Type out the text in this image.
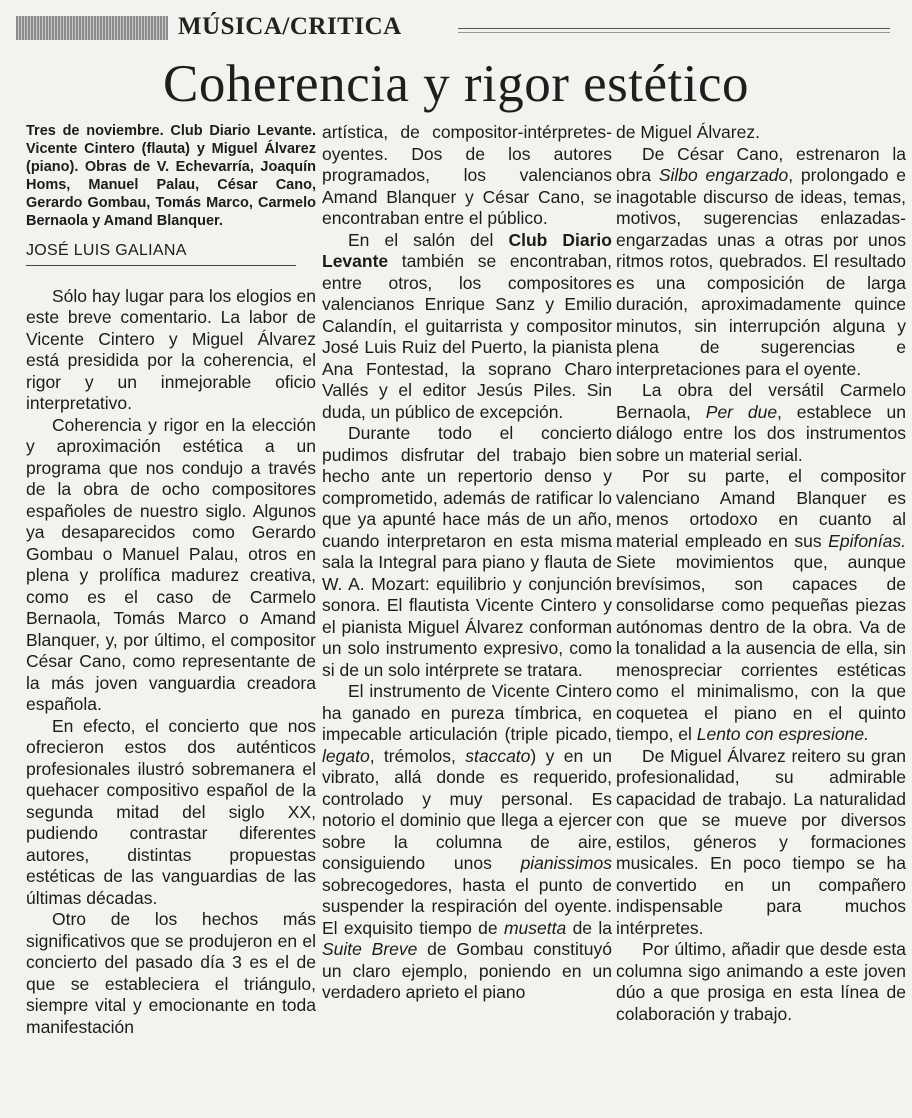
MÚSICA/CRITICA
Coherencia y rigor estético

Tres de noviembre. Club Diario Levante. Vicente Cintero (flauta) y Miguel Álvarez (piano). Obras de V. Echevarría, Joaquín Homs, Manuel Palau, César Cano, Gerardo Gombau, Tomás Marco, Carmelo Bernaola y Amand Blanquer.

JOSÉ LUIS GALIANA

Sólo hay lugar para los elogios en este breve comentario. La labor de Vicente Cintero y Miguel Álvarez está presidida por la coherencia, el rigor y un inmejorable oficio interpretativo.

Coherencia y rigor en la elección y aproximación estética a un programa que nos condujo a través de la obra de ocho compositores españoles de nuestro siglo. Algunos ya desaparecidos como Gerardo Gombau o Manuel Palau, otros en plena y prolífica madurez creativa, como es el caso de Carmelo Bernaola, Tomás Marco o Amand Blanquer, y, por último, el compositor César Cano, como representante de la más joven vanguardia creadora española.

En efecto, el concierto que nos ofrecieron estos dos auténticos profesionales ilustró sobremanera el quehacer compositivo español de la segunda mitad del siglo XX, pudiendo contrastar diferentes autores, distintas propuestas estéticas de las vanguardias de las últimas décadas.

Otro de los hechos más significativos que se produjeron en el concierto del pasado día 3 es el de que se estableciera el triángulo, siempre vital y emocionante en toda manifestación

artística, de compositor-intérpretes-oyentes. Dos de los autores programados, los valencianos Amand Blanquer y César Cano, se encontraban entre el público.

En el salón del Club Diario Levante también se encontraban, entre otros, los compositores valencianos Enrique Sanz y Emilio Calandín, el guitarrista y compositor José Luis Ruiz del Puerto, la pianista Ana Fontestad, la soprano Charo Vallés y el editor Jesús Piles. Sin duda, un público de excepción.

Durante todo el concierto pudimos disfrutar del trabajo bien hecho ante un repertorio denso y comprometido, además de ratificar lo que ya apunté hace más de un año, cuando interpretaron en esta misma sala la Integral para piano y flauta de W. A. Mozart: equilibrio y conjunción sonora. El flautista Vicente Cintero y el pianista Miguel Álvarez conforman un solo instrumento expresivo, como si de un solo intérprete se tratara.

El instrumento de Vicente Cintero ha ganado en pureza tímbrica, en impecable articulación (triple picado, legato, trémolos, staccato) y en un vibrato, allá donde es requerido, controlado y muy personal. Es notorio el dominio que llega a ejercer sobre la columna de aire, consiguiendo unos pianissimos sobrecogedores, hasta el punto de suspender la respiración del oyente. El exquisito tiempo de musetta de la Suite Breve de Gombau constituyó un claro ejemplo, poniendo en un verdadero aprieto el piano

de Miguel Álvarez.

De César Cano, estrenaron la obra Silbo engarzado, prolongado e inagotable discurso de ideas, temas, motivos, sugerencias enlazadas-engarzadas unas a otras por unos ritmos rotos, quebrados. El resultado es una composición de larga duración, aproximadamente quince minutos, sin interrupción alguna y plena de sugerencias e interpretaciones para el oyente.

La obra del versátil Carmelo Bernaola, Per due, establece un diálogo entre los dos instrumentos sobre un material serial.

Por su parte, el compositor valenciano Amand Blanquer es menos ortodoxo en cuanto al material empleado en sus Epifonías. Siete movimientos que, aunque brevísimos, son capaces de consolidarse como pequeñas piezas autónomas dentro de la obra. Va de la tonalidad a la ausencia de ella, sin menospreciar corrientes estéticas como el minimalismo, con la que coquetea el piano en el quinto tiempo, el Lento con espresione.

De Miguel Álvarez reitero su gran profesionalidad, su admirable capacidad de trabajo. La naturalidad con que se mueve por diversos estilos, géneros y formaciones musicales. En poco tiempo se ha convertido en un compañero indispensable para muchos intérpretes.

Por último, añadir que desde esta columna sigo animando a este joven dúo a que prosiga en esta línea de colaboración y trabajo.
